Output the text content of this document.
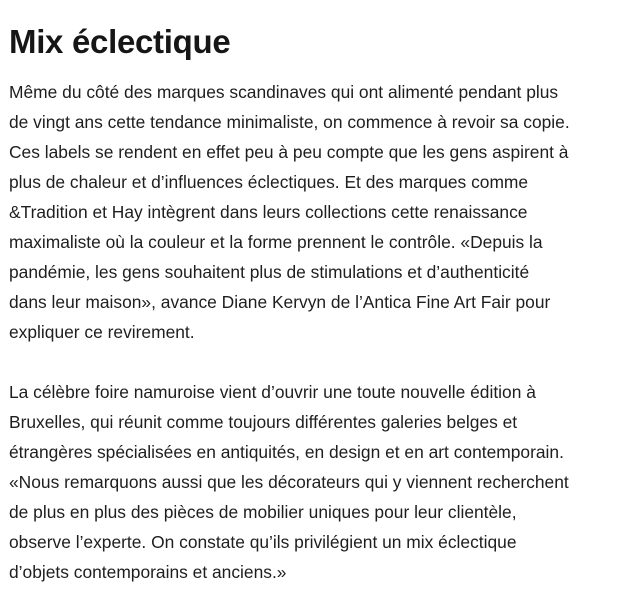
Mix éclectique

Même du côté des marques scandinaves qui ont alimenté pendant plus
de vingt ans cette tendance minimaliste, on commence à revoir sa copie.
Ces labels se rendent en effet peu à peu compte que les gens aspirent à
plus de chaleur et d’influences éclectiques. Et des marques comme
&Tradition et Hay intègrent dans leurs collections cette renaissance
maximaliste où la couleur et la forme prennent le contrôle. «Depuis la
pandémie, les gens souhaitent plus de stimulations et d’authenticité
dans leur maison», avance Diane Kervyn de l’Antica Fine Art Fair pour
expliquer ce revirement.

La célèbre foire namuroise vient d’ouvrir une toute nouvelle édition à
Bruxelles, qui réunit comme toujours différentes galeries belges et
étrangères spécialisées en antiquités, en design et en art contemporain.
«Nous remarquons aussi que les décorateurs qui y viennent recherchent
de plus en plus des pièces de mobilier uniques pour leur clientèle,
observe l’experte. On constate qu’ils privilégient un mix éclectique
d’objets contemporains et anciens.»
